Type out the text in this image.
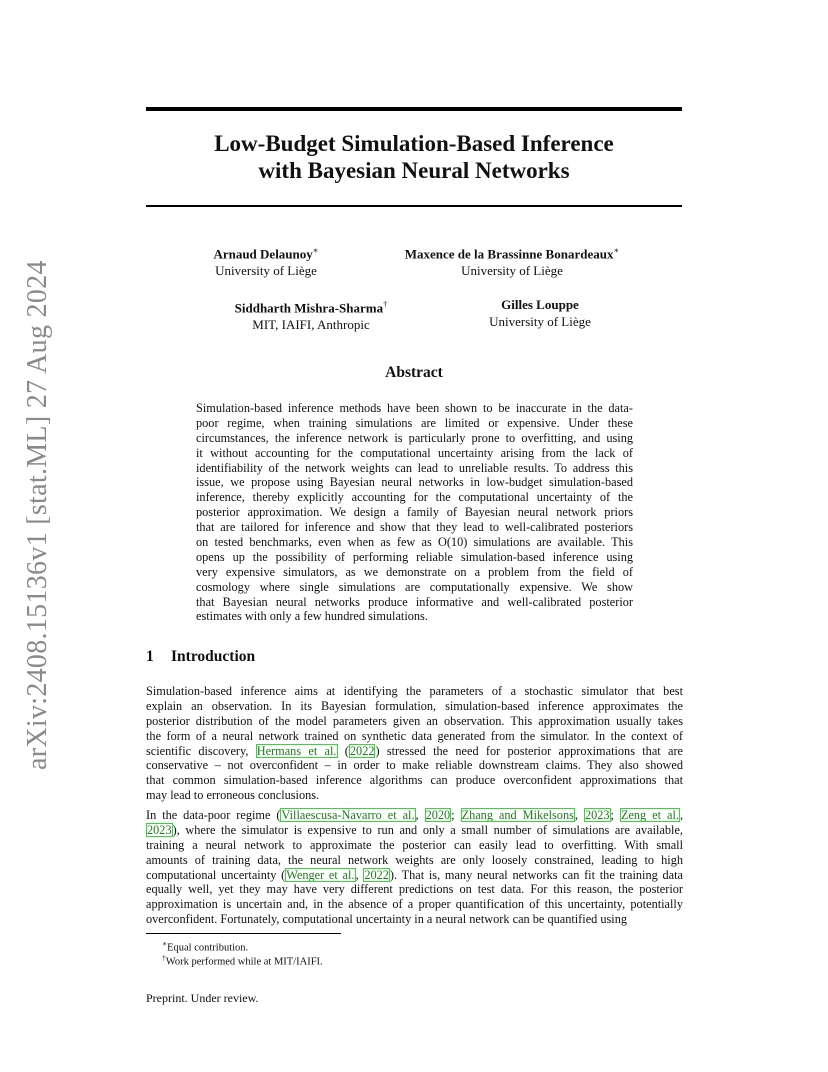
arXiv:2408.15136v1 [stat.ML] 27 Aug 2024
Low-Budget Simulation-Based Inference
with Bayesian Neural Networks
Arnaud Delaunoy∗
University of Liège
Maxence de la Brassinne Bonardeaux∗
University of Liège
Siddharth Mishra-Sharma†
MIT, IAIFI, Anthropic
Gilles Louppe
University of Liège
Abstract
Simulation-based inference methods have been shown to be inaccurate in the data-
poor regime, when training simulations are limited or expensive. Under these
circumstances, the inference network is particularly prone to overfitting, and using
it without accounting for the computational uncertainty arising from the lack of
identifiability of the network weights can lead to unreliable results. To address this
issue, we propose using Bayesian neural networks in low-budget simulation-based
inference, thereby explicitly accounting for the computational uncertainty of the
posterior approximation. We design a family of Bayesian neural network priors
that are tailored for inference and show that they lead to well-calibrated posteriors
on tested benchmarks, even when as few as O(10) simulations are available. This
opens up the possibility of performing reliable simulation-based inference using
very expensive simulators, as we demonstrate on a problem from the field of
cosmology where single simulations are computationally expensive. We show
that Bayesian neural networks produce informative and well-calibrated posterior
estimates with only a few hundred simulations.
1 Introduction
Simulation-based inference aims at identifying the parameters of a stochastic simulator that best
explain an observation. In its Bayesian formulation, simulation-based inference approximates the
posterior distribution of the model parameters given an observation. This approximation usually takes
the form of a neural network trained on synthetic data generated from the simulator. In the context of
scientific discovery, Hermans et al. (2022) stressed the need for posterior approximations that are
conservative – not overconfident – in order to make reliable downstream claims. They also showed
that common simulation-based inference algorithms can produce overconfident approximations that
may lead to erroneous conclusions.
In the data-poor regime (Villaescusa-Navarro et al., 2020; Zhang and Mikelsons, 2023; Zeng et al.,
2023), where the simulator is expensive to run and only a small number of simulations are available,
training a neural network to approximate the posterior can easily lead to overfitting. With small
amounts of training data, the neural network weights are only loosely constrained, leading to high
computational uncertainty (Wenger et al., 2022). That is, many neural networks can fit the training data
equally well, yet they may have very different predictions on test data. For this reason, the posterior
approximation is uncertain and, in the absence of a proper quantification of this uncertainty, potentially
overconfident. Fortunately, computational uncertainty in a neural network can be quantified using
∗Equal contribution.
†Work performed while at MIT/IAIFI.
Preprint. Under review.
